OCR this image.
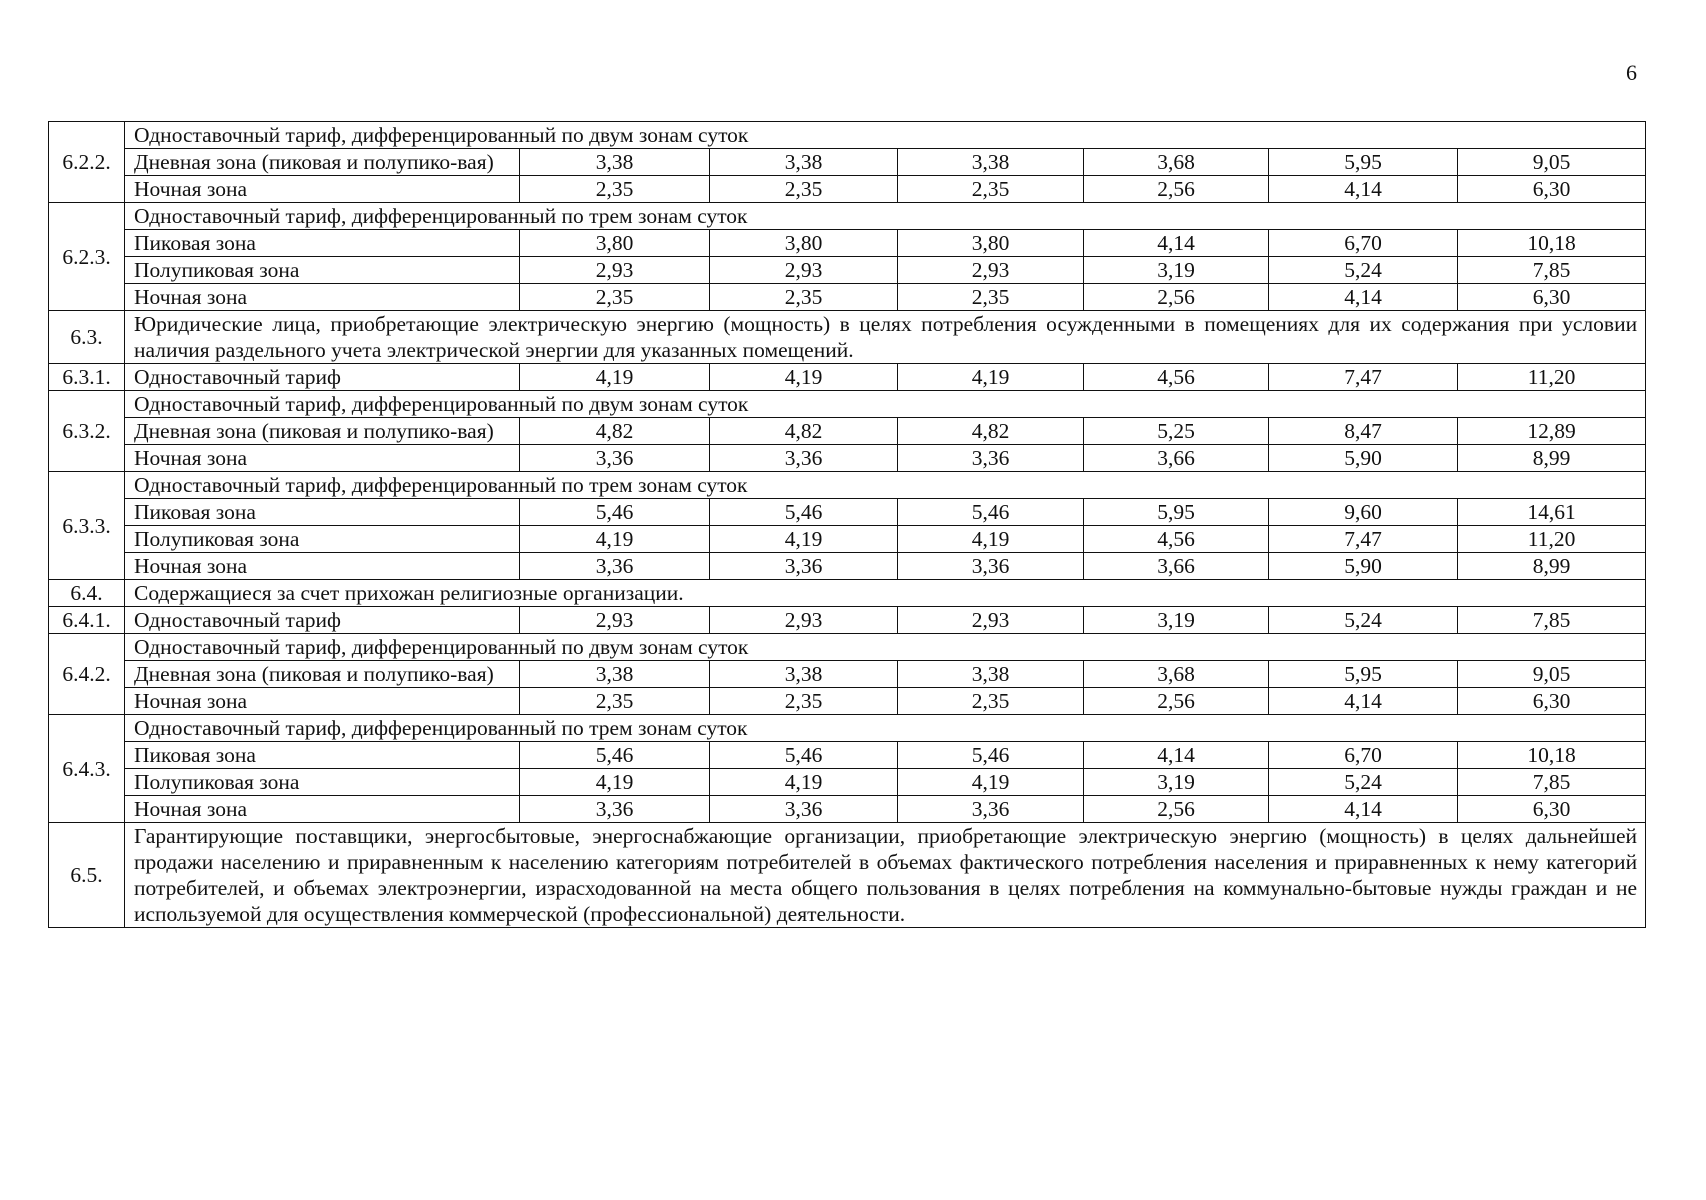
6
6.2.2.	Одноставочный тариф, дифференцированный по двум зонам суток						
	Дневная зона (пиковая и полупико-вая)	3,38	3,38	3,38	3,68	5,95	9,05
	Ночная зона	2,35	2,35	2,35	2,56	4,14	6,30
6.2.3.	Одноставочный тариф, дифференцированный по трем зонам суток						
	Пиковая зона	3,80	3,80	3,80	4,14	6,70	10,18
	Полупиковая зона	2,93	2,93	2,93	3,19	5,24	7,85
	Ночная зона	2,35	2,35	2,35	2,56	4,14	6,30
6.3.	Юридические лица, приобретающие электрическую энергию (мощность) в целях потребления осужденными в помещениях для их содержания при условии наличия раздельного учета электрической энергии для указанных помещений.						
6.3.1.	Одноставочный тариф	4,19	4,19	4,19	4,56	7,47	11,20
6.3.2.	Одноставочный тариф, дифференцированный по двум зонам суток						
	Дневная зона (пиковая и полупико-вая)	4,82	4,82	4,82	5,25	8,47	12,89
	Ночная зона	3,36	3,36	3,36	3,66	5,90	8,99
6.3.3.	Одноставочный тариф, дифференцированный по трем зонам суток						
	Пиковая зона	5,46	5,46	5,46	5,95	9,60	14,61
	Полупиковая зона	4,19	4,19	4,19	4,56	7,47	11,20
	Ночная зона	3,36	3,36	3,36	3,66	5,90	8,99
6.4.	Содержащиеся за счет прихожан религиозные организации.						
6.4.1.	Одноставочный тариф	2,93	2,93	2,93	3,19	5,24	7,85
6.4.2.	Одноставочный тариф, дифференцированный по двум зонам суток						
	Дневная зона (пиковая и полупико-вая)	3,38	3,38	3,38	3,68	5,95	9,05
	Ночная зона	2,35	2,35	2,35	2,56	4,14	6,30
6.4.3.	Одноставочный тариф, дифференцированный по трем зонам суток						
	Пиковая зона	5,46	5,46	5,46	4,14	6,70	10,18
	Полупиковая зона	4,19	4,19	4,19	3,19	5,24	7,85
	Ночная зона	3,36	3,36	3,36	2,56	4,14	6,30
6.5.	Гарантирующие поставщики, энергосбытовые, энергоснабжающие организации, приобретающие электрическую энергию (мощность) в целях дальнейшей продажи населению и приравненным к населению категориям потребителей в объемах фактического потребления населения и приравненных к нему категорий потребителей, и объемах электроэнергии, израсходованной на места общего пользования в целях потребления на коммунально-бытовые нужды граждан и не используемой для осуществления коммерческой (профессиональной) деятельности.						
